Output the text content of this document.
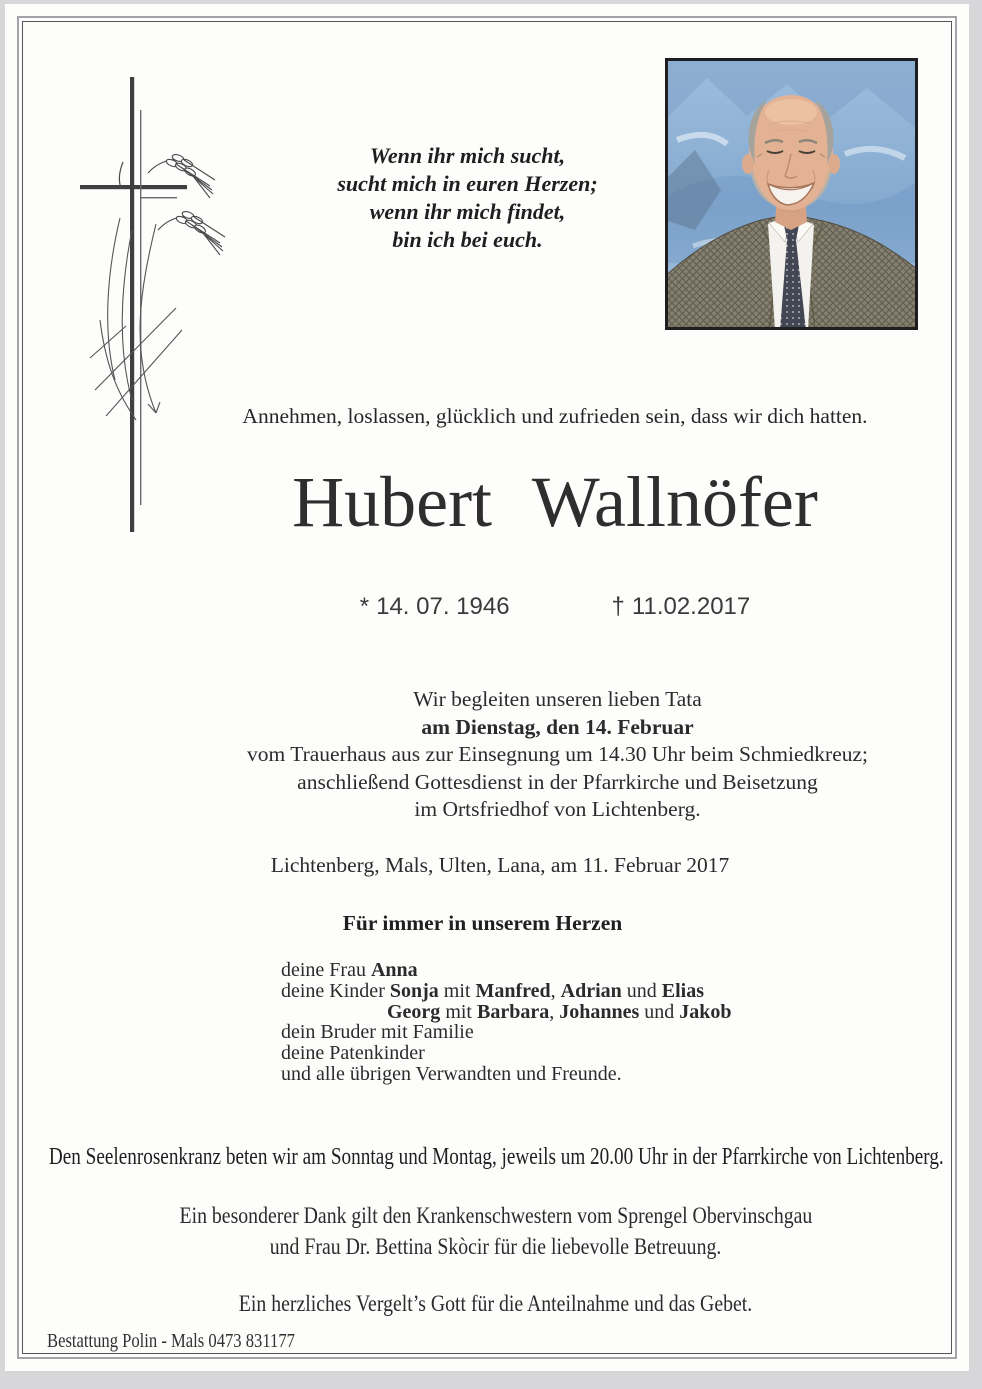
Wenn ihr mich sucht,
sucht mich in euren Herzen;
wenn ihr mich findet,
bin ich bei euch.
Annehmen, loslassen, glücklich und zufrieden sein, dass wir dich hatten.
Hubert Wallnöfer
* 14. 07. 1946	† 11.02.2017
Wir begleiten unseren lieben Tata
am Dienstag, den 14. Februar
vom Trauerhaus aus zur Einsegnung um 14.30 Uhr beim Schmiedkreuz;
anschließend Gottesdienst in der Pfarrkirche und Beisetzung
im Ortsfriedhof von Lichtenberg.
Lichtenberg, Mals, Ulten, Lana, am 11. Februar 2017
Für immer in unserem Herzen
deine Frau Anna
deine Kinder Sonja mit Manfred, Adrian und Elias
Georg mit Barbara, Johannes und Jakob
dein Bruder mit Familie
deine Patenkinder
und alle übrigen Verwandten und Freunde.
Den Seelenrosenkranz beten wir am Sonntag und Montag, jeweils um 20.00 Uhr in der Pfarrkirche von Lichtenberg.
Ein besonderer Dank gilt den Krankenschwestern vom Sprengel Obervinschgau
und Frau Dr. Bettina Skòcir für die liebevolle Betreuung.
Ein herzliches Vergelt’s Gott für die Anteilnahme und das Gebet.
Bestattung Polin - Mals 0473 831177
